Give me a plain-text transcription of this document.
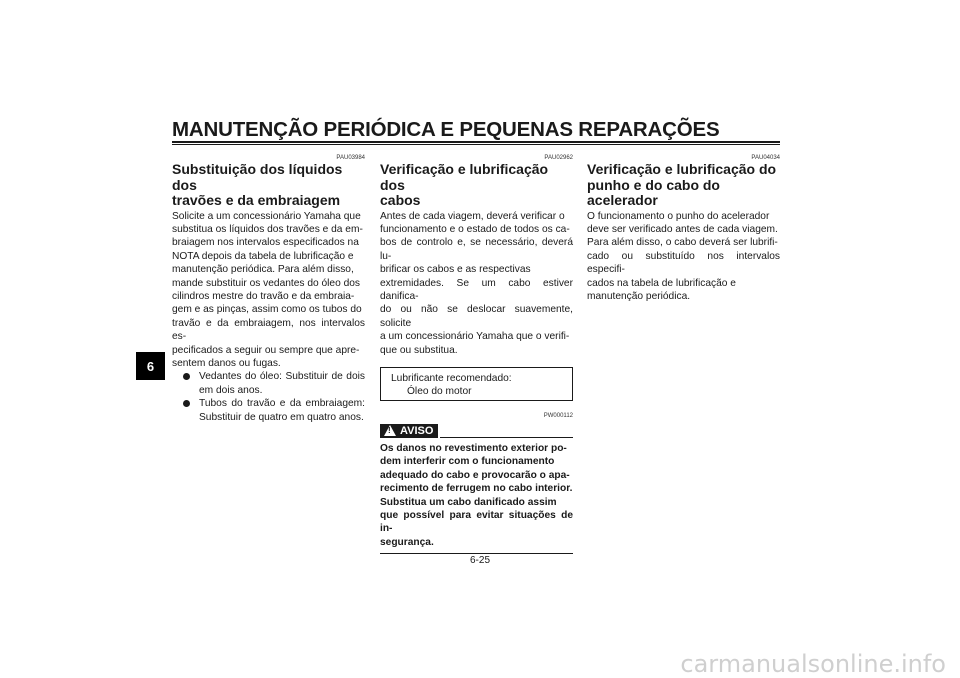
MANUTENÇÃO PERIÓDICA E PEQUENAS REPARAÇÕES
6
PAU03984
Substituição dos líquidos dos
travões e da embraiagem
Solicite a um concessionário Yamaha que
substitua os líquidos dos travões e da em-
braiagem nos intervalos especificados na
NOTA depois da tabela de lubrificação e
manutenção periódica. Para além disso,
mande substituir os vedantes do óleo dos
cilindros mestre do travão e da embraia-
gem e as pinças, assim como os tubos do
travão e da embraiagem, nos intervalos es-
pecificados a seguir ou sempre que apre-
sentem danos ou fugas.
Vedantes do óleo: Substituir de dois em dois anos.
Tubos do travão e da embraiagem: Substituir de quatro em quatro anos.
PAU02962
Verificação e lubrificação dos
cabos
Antes de cada viagem, deverá verificar o
funcionamento e o estado de todos os ca-
bos de controlo e, se necessário, deverá lu-
brificar os cabos e as respectivas
extremidades. Se um cabo estiver danifica-
do ou não se deslocar suavemente, solicite
a um concessionário Yamaha que o verifi-
que ou substitua.
Lubrificante recomendado:
Óleo do motor
PW000112
! AVISO
Os danos no revestimento exterior po-
dem interferir com o funcionamento
adequado do cabo e provocarão o apa-
recimento de ferrugem no cabo interior.
Substitua um cabo danificado assim
que possível para evitar situações de in-
segurança.
PAU04034
Verificação e lubrificação do
punho e do cabo do acelerador
O funcionamento o punho do acelerador
deve ser verificado antes de cada viagem.
Para além disso, o cabo deverá ser lubrifi-
cado ou substituído nos intervalos especifi-
cados na tabela de lubrificação e
manutenção periódica.
6-25
carmanualsonline.info
